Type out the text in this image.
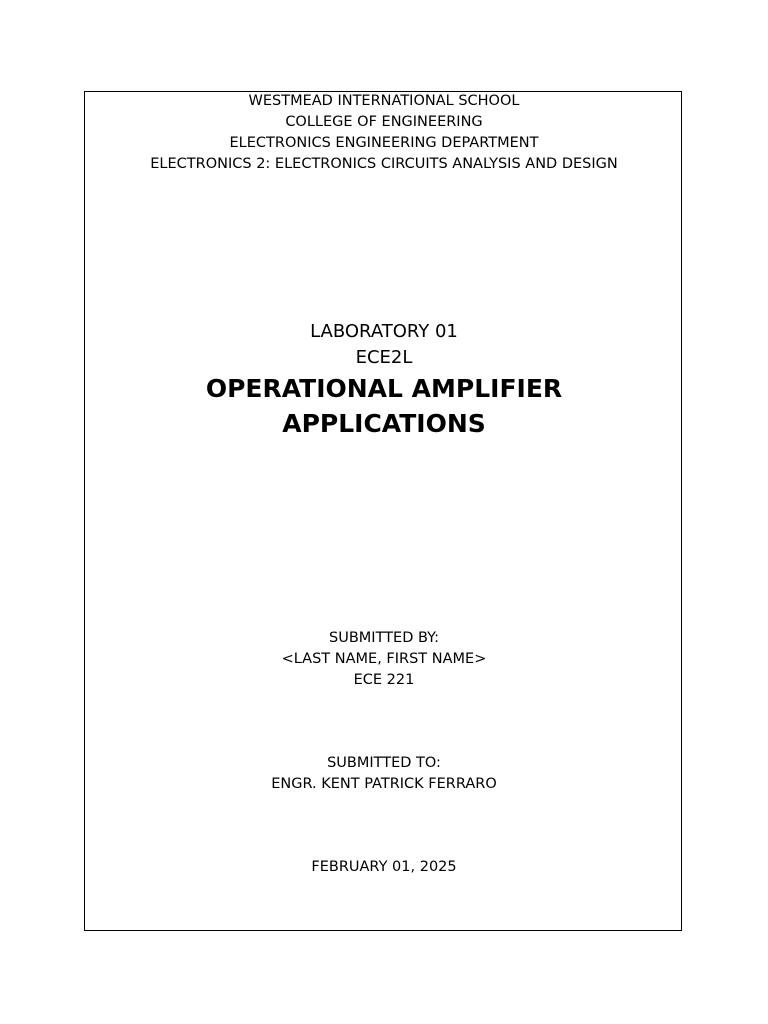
WESTMEAD INTERNATIONAL SCHOOL
COLLEGE OF ENGINEERING
ELECTRONICS ENGINEERING DEPARTMENT
ELECTRONICS 2: ELECTRONICS CIRCUITS ANALYSIS AND DESIGN
LABORATORY 01
ECE2L
OPERATIONAL AMPLIFIER
APPLICATIONS
SUBMITTED BY:
<LAST NAME, FIRST NAME>
ECE 221
SUBMITTED TO:
ENGR. KENT PATRICK FERRARO
FEBRUARY 01, 2025
